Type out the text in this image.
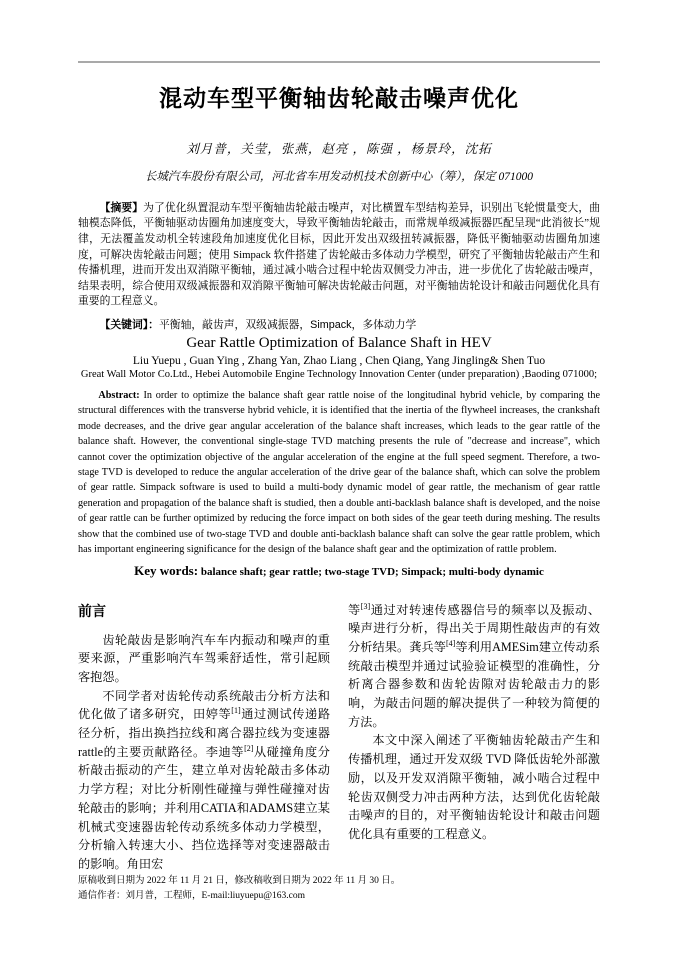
混动车型平衡轴齿轮敲击噪声优化
刘月普，关莹，张燕，赵亮 ，陈强 ，杨景玲，沈拓
长城汽车股份有限公司，河北省车用发动机技术创新中心（筹），保定 071000
【摘要】为了优化纵置混动车型平衡轴齿轮敲击噪声，对比横置车型结构差异，识别出飞轮惯量变大，曲轴模态降低，平衡轴驱动齿圈角加速度变大，导致平衡轴齿轮敲击，而常规单级减振器匹配呈现“此消彼长”规律，无法覆盖发动机全转速段角加速度优化目标，因此开发出双级扭转减振器，降低平衡轴驱动齿圈角加速度，可解决齿轮敲击问题；使用 Simpack 软件搭建了齿轮敲击多体动力学模型，研究了平衡轴齿轮敲击产生和传播机理，进而开发出双消隙平衡轴，通过减小啮合过程中轮齿双侧受力冲击，进一步优化了齿轮敲击噪声，结果表明，综合使用双级减振器和双消隙平衡轴可解决齿轮敲击问题，对平衡轴齿轮设计和敲击问题优化具有重要的工程意义。
【关键词】：平衡轴，敲齿声，双级减振器，Simpack，多体动力学
Gear Rattle Optimization of Balance Shaft in HEV
Liu Yuepu , Guan Ying , Zhang Yan, Zhao Liang , Chen Qiang, Yang Jingling& Shen Tuo
Great Wall Motor Co.Ltd., Hebei Automobile Engine Technology Innovation Center (under preparation) ,Baoding 071000;
Abstract: In order to optimize the balance shaft gear rattle noise of the longitudinal hybrid vehicle, by comparing the structural differences with the transverse hybrid vehicle, it is identified that the inertia of the flywheel increases, the crankshaft mode decreases, and the drive gear angular acceleration of the balance shaft increases, which leads to the gear rattle of the balance shaft. However, the conventional single-stage TVD matching presents the rule of "decrease and increase", which cannot cover the optimization objective of the angular acceleration of the engine at the full speed segment. Therefore, a two-stage TVD is developed to reduce the angular acceleration of the drive gear of the balance shaft, which can solve the problem of gear rattle. Simpack software is used to build a multi-body dynamic model of gear rattle, the mechanism of gear rattle generation and propagation of the balance shaft is studied, then a double anti-backlash balance shaft is developed, and the noise of gear rattle can be further optimized by reducing the force impact on both sides of the gear teeth during meshing. The results show that the combined use of two-stage TVD and double anti-backlash balance shaft can solve the gear rattle problem, which has important engineering significance for the design of the balance shaft gear and the optimization of rattle problem.
Key words: balance shaft; gear rattle; two-stage TVD; Simpack; multi-body dynamic
前言

齿轮敲齿是影响汽车车内振动和噪声的重要来源，严重影响汽车驾乘舒适性，常引起顾客抱怨。

不同学者对齿轮传动系统敲击分析方法和优化做了诸多研究，田婷等[1]通过测试传递路径分析，指出换挡拉线和离合器拉线为变速器rattle的主要贡献路径。李迪等[2]从碰撞角度分析敲击振动的产生，建立单对齿轮敲击多体动力学方程；对比分析刚性碰撞与弹性碰撞对齿轮敲击的影响；并利用CATIA和ADAMS建立某机械式变速器齿轮传动系统多体动力学模型，分析输入转速大小、挡位选择等对变速器敲击的影响。角田宏

等[3]通过对转速传感器信号的频率以及振动、噪声进行分析，得出关于周期性敲齿声的有效分析结果。龚兵等[4]等利用AMESim建立传动系统敲击模型并通过试验验证模型的准确性，分析离合器参数和齿轮齿隙对齿轮敲击力的影响，为敲击问题的解决提供了一种较为简便的方法。

本文中深入阐述了平衡轴齿轮敲击产生和传播机理，通过开发双级 TVD 降低齿轮外部激励，以及开发双消隙平衡轴，减小啮合过程中轮齿双侧受力冲击两种方法，达到优化齿轮敲击噪声的目的，对平衡轴齿轮设计和敲击问题优化具有重要的工程意义。

原稿收到日期为 2022 年 11 月 21 日，修改稿收到日期为 2022 年 11 月 30 日。
通信作者：刘月普，工程师，E-mail:liuyuepu@163.com
